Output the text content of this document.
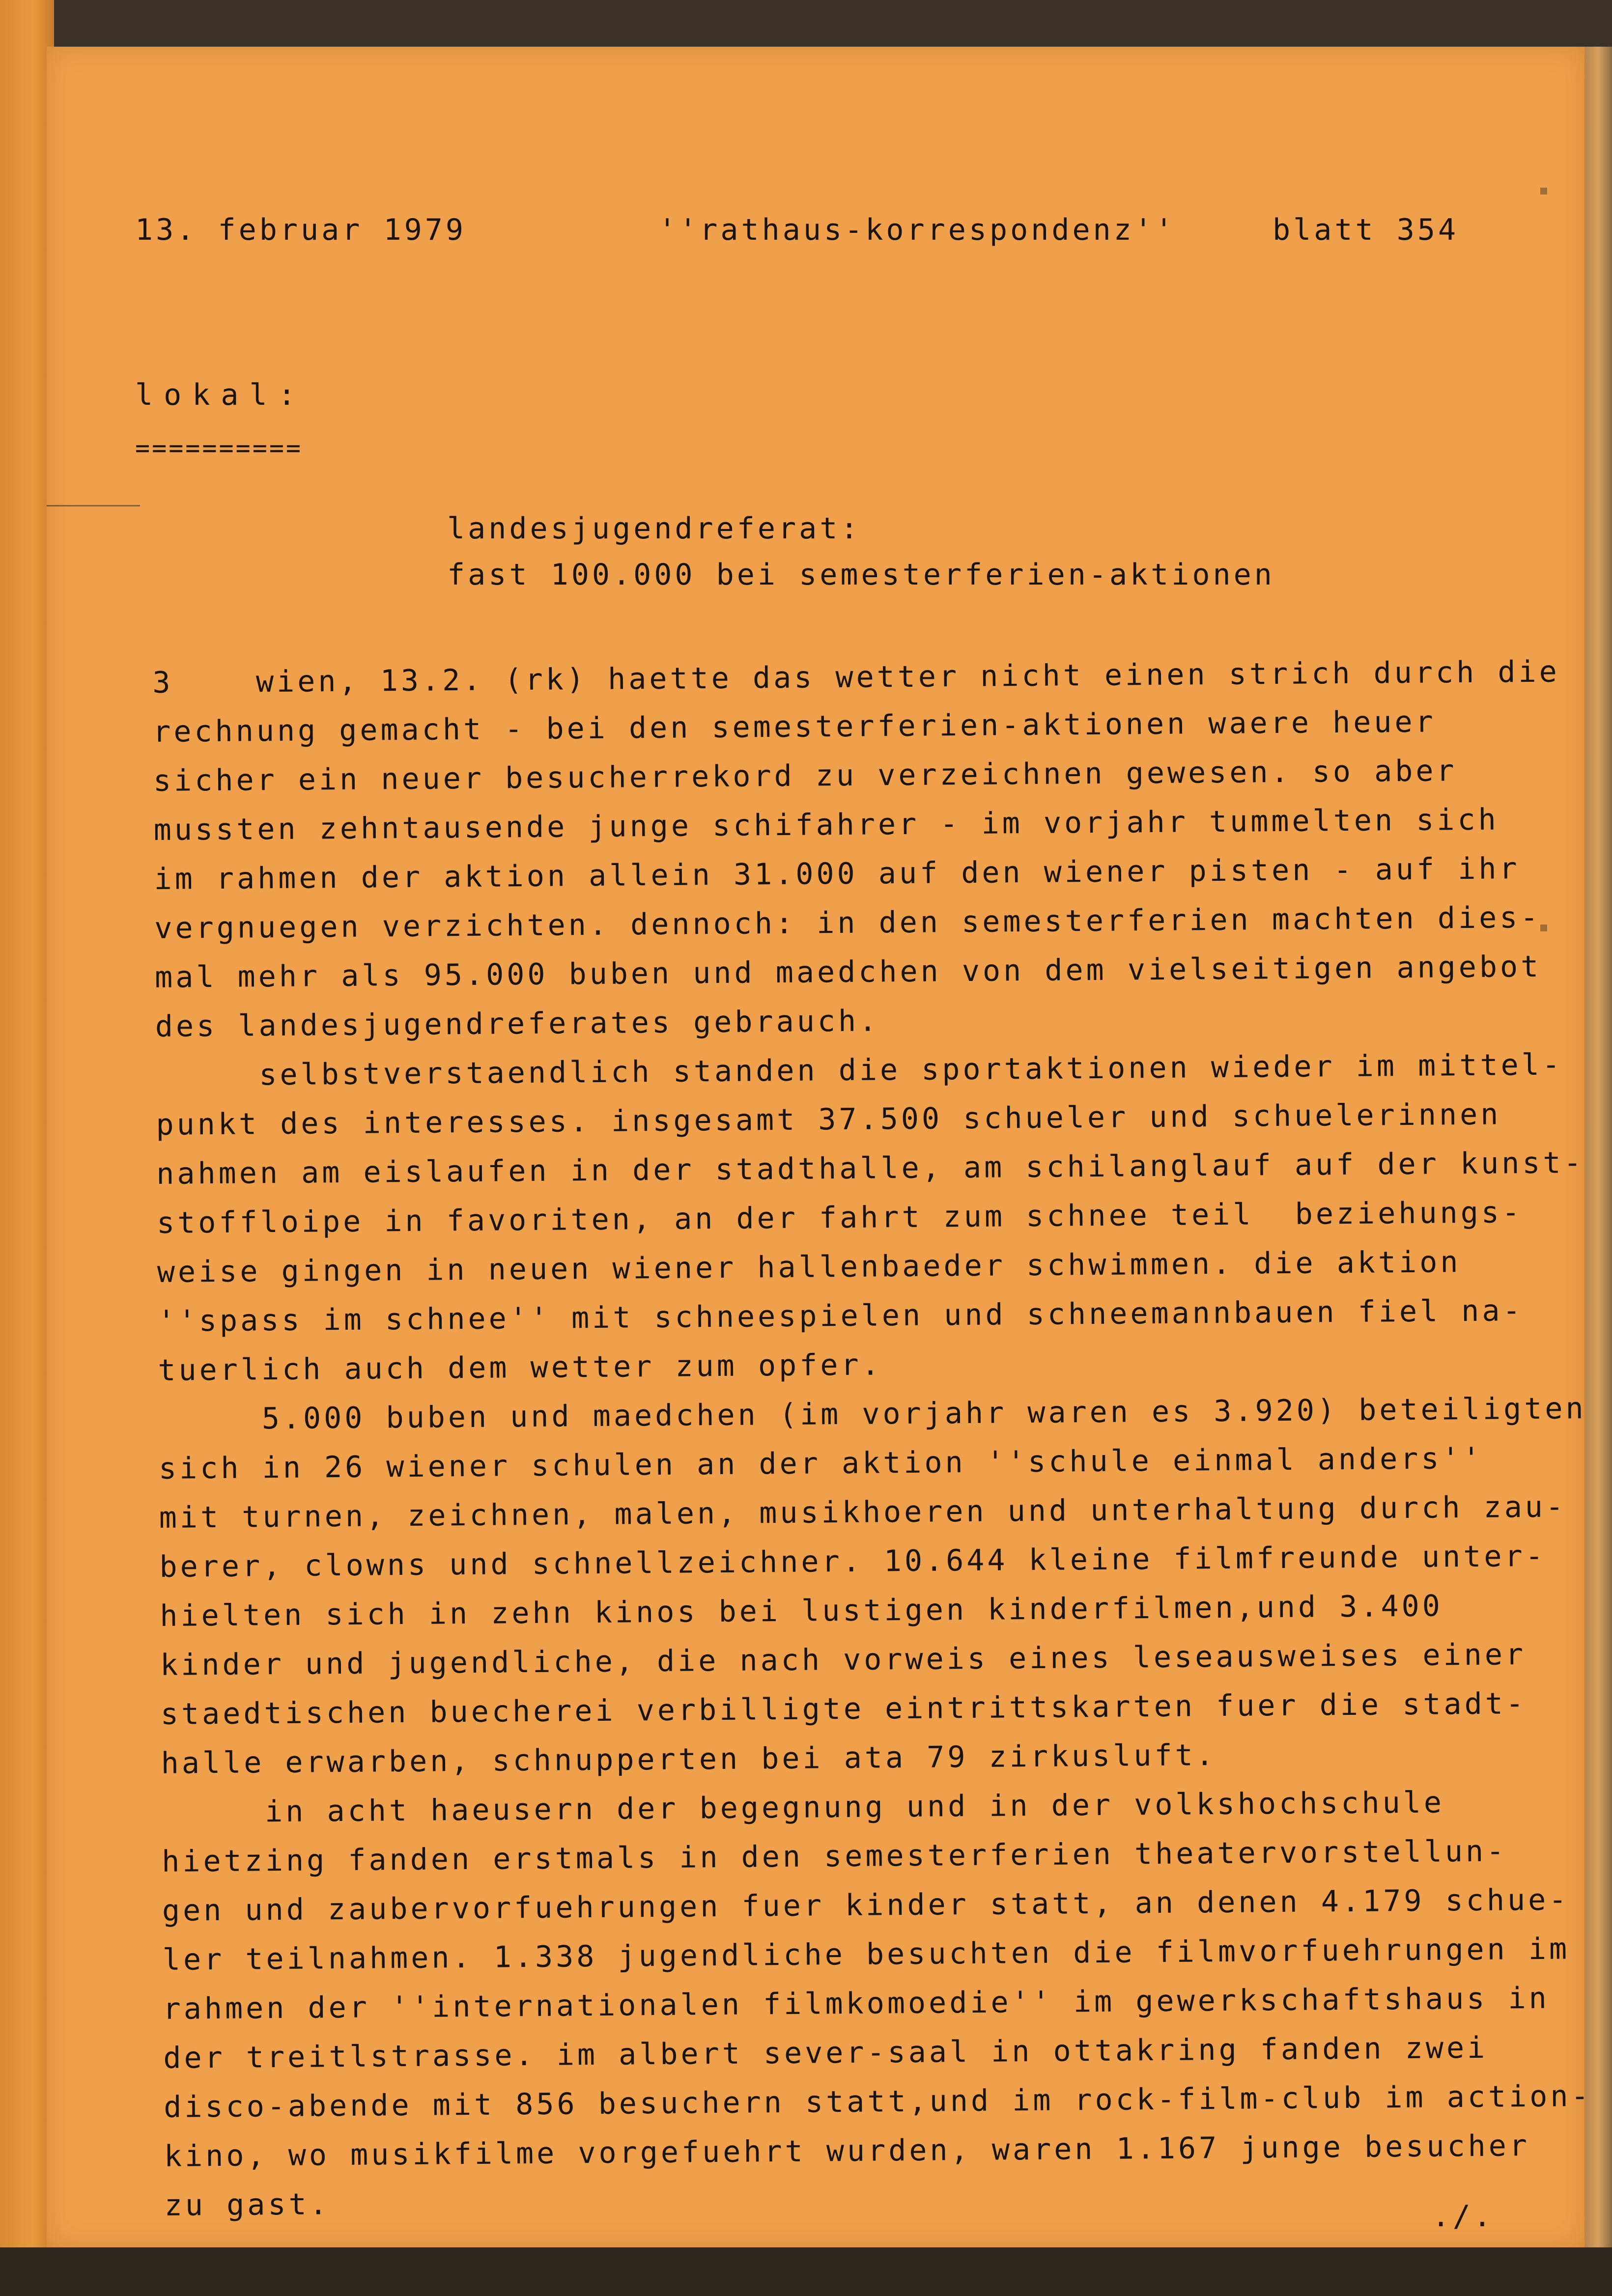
13. februar 1979	''rathaus-korrespondenz''	blatt 354

lokal:

==========

landesjugendreferat:

fast 100.000 bei semesterferien-aktionen

3    wien, 13.2. (rk) haette das wetter nicht einen strich durch die
rechnung gemacht - bei den semesterferien-aktionen waere heuer
sicher ein neuer besucherrekord zu verzeichnen gewesen. so aber
mussten zehntausende junge schifahrer - im vorjahr tummelten sich
im rahmen der aktion allein 31.000 auf den wiener pisten - auf ihr
vergnuegen verzichten. dennoch: in den semesterferien machten dies-
mal mehr als 95.000 buben und maedchen von dem vielseitigen angebot
des landesjugendreferates gebrauch.
selbstverstaendlich standen die sportaktionen wieder im mittel-
punkt des interesses. insgesamt 37.500 schueler und schuelerinnen
nahmen am eislaufen in der stadthalle, am schilanglauf auf der kunst-
stoffloipe in favoriten, an der fahrt zum schnee teil  beziehungs-
weise gingen in neuen wiener hallenbaeder schwimmen. die aktion
''spass im schnee'' mit schneespielen und schneemannbauen fiel na-
tuerlich auch dem wetter zum opfer.
5.000 buben und maedchen (im vorjahr waren es 3.920) beteiligten
sich in 26 wiener schulen an der aktion ''schule einmal anders''
mit turnen, zeichnen, malen, musikhoeren und unterhaltung durch zau-
berer, clowns und schnellzeichner. 10.644 kleine filmfreunde unter-
hielten sich in zehn kinos bei lustigen kinderfilmen,und 3.400
kinder und jugendliche, die nach vorweis eines leseausweises einer
staedtischen buecherei verbilligte eintrittskarten fuer die stadt-
halle erwarben, schnupperten bei ata 79 zirkusluft.
in acht haeusern der begegnung und in der volkshochschule
hietzing fanden erstmals in den semesterferien theatervorstellun-
gen und zaubervorfuehrungen fuer kinder statt, an denen 4.179 schue-
ler teilnahmen. 1.338 jugendliche besuchten die filmvorfuehrungen im
rahmen der ''internationalen filmkomoedie'' im gewerkschaftshaus in
der treitlstrasse. im albert sever-saal in ottakring fanden zwei
disco-abende mit 856 besuchern statt,und im rock-film-club im action-
kino, wo musikfilme vorgefuehrt wurden, waren 1.167 junge besucher
zu gast.	./.
